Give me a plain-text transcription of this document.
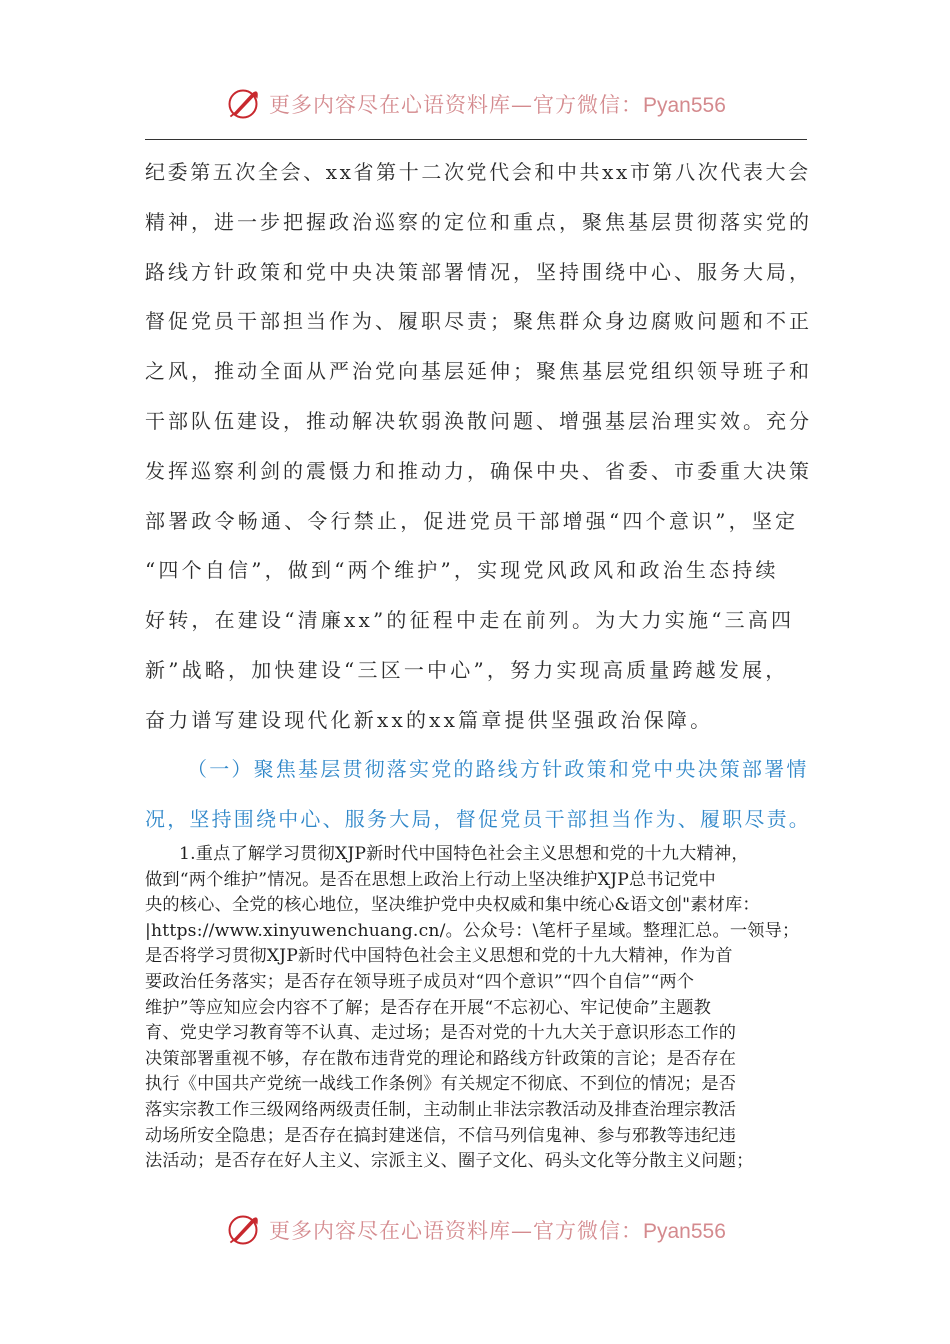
更多内容尽在心语资料库—官方微信：Pyan556
纪委第五次全会、xx省第十二次党代会和中共xx市第八次代表大会
精神，进一步把握政治巡察的定位和重点，聚焦基层贯彻落实党的
路线方针政策和党中央决策部署情况，坚持围绕中心、服务大局，
督促党员干部担当作为、履职尽责；聚焦群众身边腐败问题和不正
之风，推动全面从严治党向基层延伸；聚焦基层党组织领导班子和
干部队伍建设，推动解决软弱涣散问题、增强基层治理实效。充分
发挥巡察利剑的震慑力和推动力，确保中央、省委、市委重大决策
部署政令畅通、令行禁止，促进党员干部增强“四个意识”，坚定
“四个自信”，做到“两个维护”，实现党风政风和政治生态持续
好转，在建设“清廉xx”的征程中走在前列。为大力实施“三高四
新”战略，加快建设“三区一中心”，努力实现高质量跨越发展，
奋力谱写建设现代化新xx的xx篇章提供坚强政治保障。
（一）聚焦基层贯彻落实党的路线方针政策和党中央决策部署情
况，坚持围绕中心、服务大局，督促党员干部担当作为、履职尽责。
1.重点了解学习贯彻XJP新时代中国特色社会主义思想和党的十九大精神，
做到“两个维护”情况。是否在思想上政治上行动上坚决维护XJP总书记党中
央的核心、全党的核心地位，坚决维护党中央权威和集中统心&语文创"素材库：
|https://www.xinyuwenchuang.cn/。公众号：\笔杆子星域。整理汇总。一领导；
是否将学习贯彻XJP新时代中国特色社会主义思想和党的十九大精神，作为首
要政治任务落实；是否存在领导班子成员对“四个意识”“四个自信”“两个
维护”等应知应会内容不了解；是否存在开展“不忘初心、牢记使命”主题教
育、党史学习教育等不认真、走过场；是否对党的十九大关于意识形态工作的
决策部署重视不够，存在散布违背党的理论和路线方针政策的言论；是否存在
执行《中国共产党统一战线工作条例》有关规定不彻底、不到位的情况；是否
落实宗教工作三级网络两级责任制，主动制止非法宗教活动及排查治理宗教活
动场所安全隐患；是否存在搞封建迷信，不信马列信鬼神、参与邪教等违纪违
法活动；是否存在好人主义、宗派主义、圈子文化、码头文化等分散主义问题；
更多内容尽在心语资料库—官方微信：Pyan556
